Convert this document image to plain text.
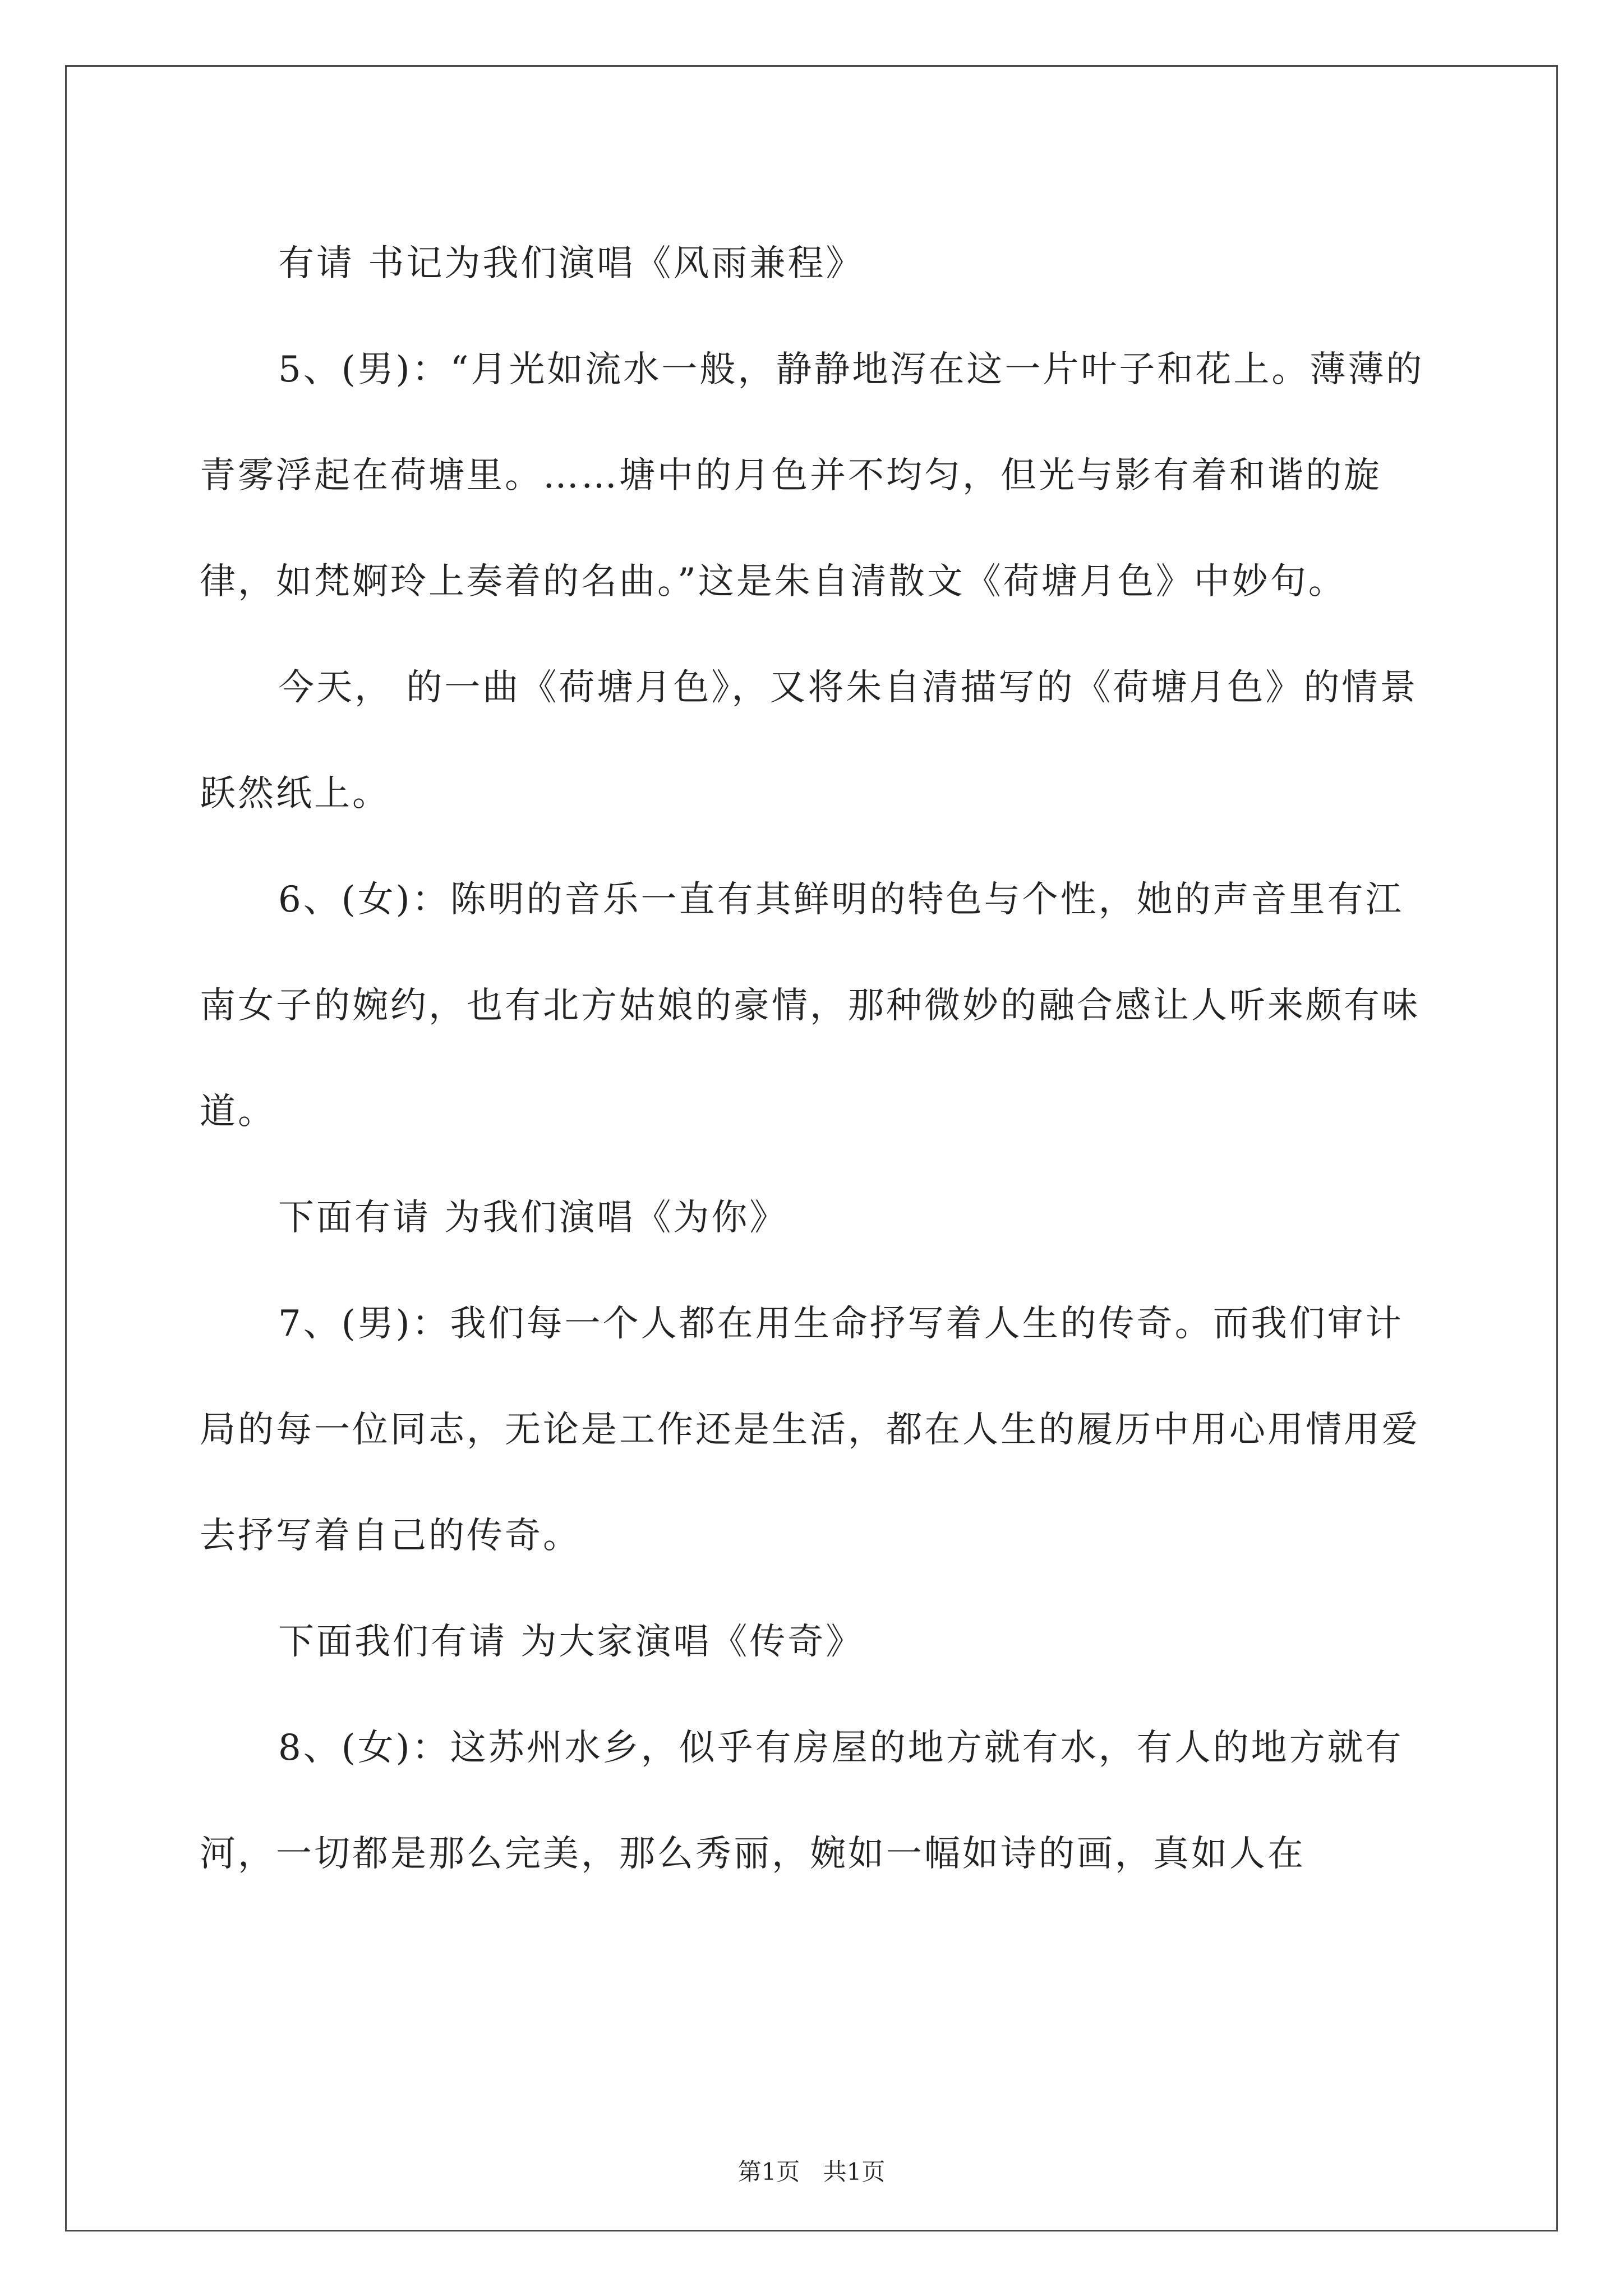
有请 书记为我们演唱《风雨兼程》

5、(男)：“月光如流水一般，静静地泻在这一片叶子和花上。薄薄的青雾浮起在荷塘里。……塘中的月色并不均匀，但光与影有着和谐的旋律，如梵婀玲上奏着的名曲。”这是朱自清散文《荷塘月色》中妙句。

今天， 的一曲《荷塘月色》，又将朱自清描写的《荷塘月色》的情景跃然纸上。

6、(女)：陈明的音乐一直有其鲜明的特色与个性，她的声音里有江南女子的婉约，也有北方姑娘的豪情，那种微妙的融合感让人听来颇有味道。

下面有请 为我们演唱《为你》

7、(男)：我们每一个人都在用生命抒写着人生的传奇。而我们审计局的每一位同志，无论是工作还是生活，都在人生的履历中用心用情用爱去抒写着自己的传奇。

下面我们有请 为大家演唱《传奇》

8、(女)：这苏州水乡，似乎有房屋的地方就有水，有人的地方就有河，一切都是那么完美，那么秀丽，婉如一幅如诗的画，真如人在

第1页 共1页
